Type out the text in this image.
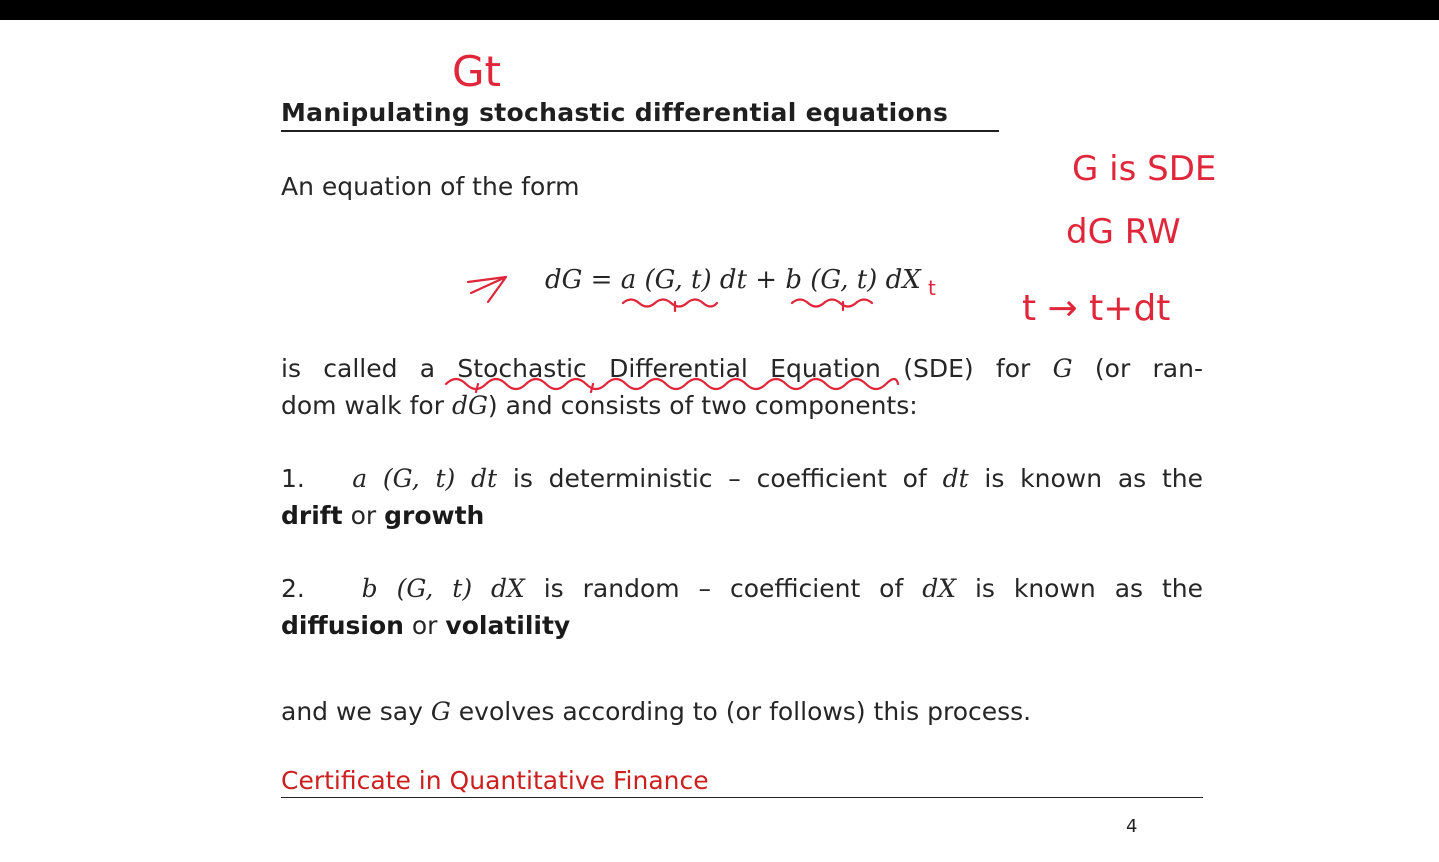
Manipulating stochastic differential equations
An equation of the form
dG = a (G, t) dt + b (G, t) dX
is called a Stochastic Differential Equation (SDE) for G (or ran-
dom walk for dG) and consists of two components:
1. a (G, t) dt is deterministic – coefficient of dt is known as the
drift or growth
2. b (G, t) dX is random – coefficient of dX is known as the
diffusion or volatility
and we say G evolves according to (or follows) this process.
Certificate in Quantitative Finance
4
Gt
G is SDE
dG RW
t → t+dt
t
